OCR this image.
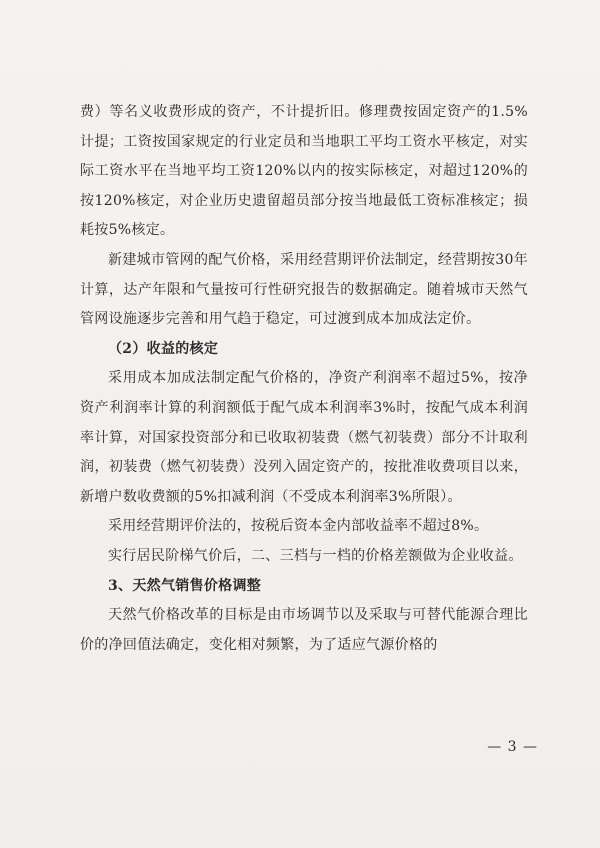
费）等名义收费形成的资产，不计提折旧。修理费按固定资产的1.5%计提；工资按国家规定的行业定员和当地职工平均工资水平核定，对实际工资水平在当地平均工资120%以内的按实际核定，对超过120%的按120%核定，对企业历史遗留超员部分按当地最低工资标准核定；损耗按5%核定。

新建城市管网的配气价格，采用经营期评价法制定，经营期按30年计算，达产年限和气量按可行性研究报告的数据确定。随着城市天然气管网设施逐步完善和用气趋于稳定，可过渡到成本加成法定价。

（2）收益的核定

采用成本加成法制定配气价格的，净资产利润率不超过5%，按净资产利润率计算的利润额低于配气成本利润率3%时，按配气成本利润率计算，对国家投资部分和已收取初装费（燃气初装费）部分不计取利润，初装费（燃气初装费）没列入固定资产的，按批准收费项目以来，新增户数收费额的5%扣减利润（不受成本利润率3%所限）。

采用经营期评价法的，按税后资本金内部收益率不超过8%。

实行居民阶梯气价后，二、三档与一档的价格差额做为企业收益。

3、天然气销售价格调整

天然气价格改革的目标是由市场调节以及采取与可替代能源合理比价的净回值法确定，变化相对频繁，为了适应气源价格的

— 3 —
